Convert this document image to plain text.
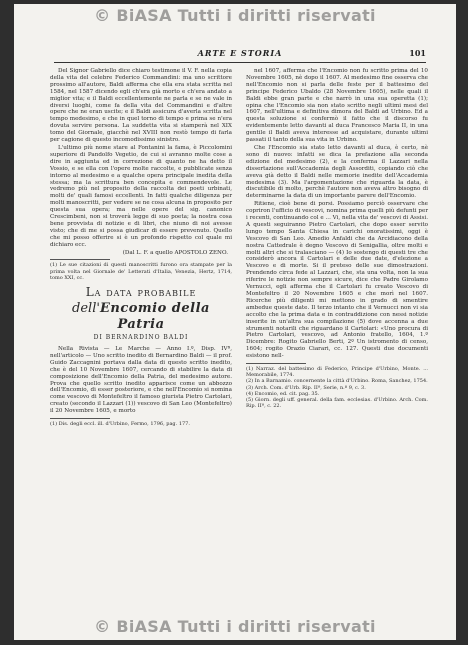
© BiASA Tutti i diritti riservati
ARTE E STORIA	101

Del Signor Gabriello dice chiaro testimone il V. F. nella copia della vita del celebre Federico Commandini: ma uno scrittore prossimo all'autore, Baldi afferma che ella era stata scritta nel 1584, nel 1587 dicendo egli ch'era già morto e ch'era andato a miglior vita; e il Baldi eccellentemente ne parla e se ne vale in diversi luoghi, come fa della vita del Commandini e d'altre opere che ne eran uscite; e il Baldi assicura d'averla scritta nel tempo medesimo, e che in quel torno di tempo e prima se n'era dovuta servire persona. La suddetta vita si stamperà nel XIX tomo del Giornale, giacchè nel XVIII non restò tempo di farla per cagione di questo incomodissimo sinistro.

L'ultimo più nome stare al Fontanini la fama, è Piccolomini superiore di Pandolfo Vegetio, de cui si avranno molte cose a dire in aggiunta ed in correzione di quanto ne ha detto il Vossio, e se ella con l'opere molte raccolte, e pubblicate senza intorno al medesimo e a qualche opera principale inedita della stessa; ma la scrittura ben concepita e commendevole. Le vedremo più nel proposito della raccolta dei poeti urbinati, molti de' quali famosi eccellenti. In fatti qualche diligenza per molti manoscritti, per vedere se ne cosa alcuna in proposito per questa sua opera; ma nelle opere del sig. canonico Crescimbeni, non si troverà legge di suo poeta; la nostra cosa bene provvista di notizie e di libri, che niuno di noi avesse visto; che di me si possa giudicar di essere prevenuto. Quello che mi posso offerire si è un profondo rispetto col quale mi dichiaro ecc.

(Dal L. F. a quello APOSTOLO ZENO.

(1) Le sue citazioni di questi manoscritti furono ora stampate per la prima volta nel Giornale de' Letterati d'Italia, Venezia, Hertz, 1714, tomo XXI, cc.

La data probabile
dell'Encomio della Patria
DI BERNARDINO BALDI

Nella Rivista — Le Marche — Anno I.º, Disp. IVª, nell'articolo — Uno scritto inedito di Bernardino Baldi — il prof. Guido Zaccagnini portava dalla data di questo scritto inedito, che è del 10 Novembre 1607, cercando di stabilire la data di composizione dell'Encomio della Patria, del medesimo autore. Prova che quello scritto inedito apparisce come un abbozzo dell'Encomio, di esser posteriore, e che nell'Encomio si nomina come vescovo di Montefeltro il famoso giurista Pietro Cartolari, creato (secondo il Lazzari (1)) vescovo di San Leo (Montefeltro) il 20 Novembre 1605, e morto

(1) Dis. degli eccl. ill. d'Urbino, Fermo, 1796, pag. 177.

nel 1607, afferma che l'Encomio non fu scritto prima del 10 Novembre 1605, nè dopo il 1607. Al medesimo fine osserva che nell'Encomio non si parla delle feste per il battesimo del principe Federico Ubaldo (28 Novembre 1605), nelle quali il Baldi ebbe gran parte e che narrò in una sua operetta (1); opina che l'Encomio sia non stato scritto negli ultimi mesi del 1607, nell'ultima e definitiva dimora del Baldi ad Urbino. Ed a questa soluzione si confermò il fatto che il discorso fu evidentemente letto davanti al duca Francesco Maria II, in una gentile il Baldi aveva interesse ad acquistare, durante ultimi passati il tanto della sua vita in Urbino.

Che l'Encomio sia stato letto davanti al duca, è certo, nè sono di nuovo: infatti se dica la prefazione alla seconda edizione del medesimo (2), e la conferma il Lazzari nella dissertazione sull'Accademia degli Assorditi, copiando ciò che aveva già detto il Baldi nelle memorie inedite dell'Accademia medesima (3). Ma l'argomentazione che riguarda la data, è discutibile di molto, perchè l'autore non aveva altro bisogno di determinarne la data di un importante parere dell'Encomio.

Ritiene, cioè bene di porsi. Possiamo perciò osservare che copriron l'ufficio di vescovi, nomina prima quelli più defunti per i recenti, continuando col e ... Vi, nella vita de' vescovi di Assisi. A questi seguiranno Pietro Cartolari, che dopo esser servito lungo tempo Santa Chiesa in carichi onoratissimi, oggi è Vescovo di San Leo. Amedio Anfaldi che da Arcidiacono della nostra Cattedrale è degno Vescovo di Senigallia, oltre molti e molti altri che si tralasciano — (4) Io sostengo di questi tre che considerò ancora il Cartolari e delle due date, d'elezione a Vescovo e di morte. Si il preteso delle sue dimostrazioni. Prendendo circa fede al Lazzari, che, sta una volta, non la sua riferire le notizie non sempre sicure, dice che Padre Girolamo Vernucci, egli afferma che il Cartolari fu creato Vescovo di Montefeltro il 20 Novembre 1605 e che morì nel 1607. Ricerche più diligenti mi mettono in grado di smentire ambedue queste date. Il terzo intanto che il Vernucci non vi sia accolto che la prima data e in contraddizione con nessi notizie inserite in un'altra sua compilazione (5) dove accenna a due strumenti notarili che riguardano il Cartolari: «Uno procura di Pietro Cartolari, vescovo, ad Antonio fratello, 1604, 1.º Dicembre: Rogito Gabriello Berti, 2º Un istromento di censo, 1604; rogito Orazio Ciarari, cc. 127. Questi due documenti esistono nell-

(1) Narraz. del battesimo di Federico, Principe d'Urbino, Monte. ... Memorabile, 1774.
(2) In a Barnamio. concernente la città d'Urbino. Roma, Sanchez, 1754.
(3) Arch. Com. d'Urb. Rip. IIª, Serie, n.º 9, c. 3.
(4) Encomio, ed. cit. pag. 35.
(5) Giorn. degli uff. general. della fam. ecclesias. d'Urbino. Arch. Com. Rip. IIª, c. 22.

© BiASA Tutti i diritti riservati
